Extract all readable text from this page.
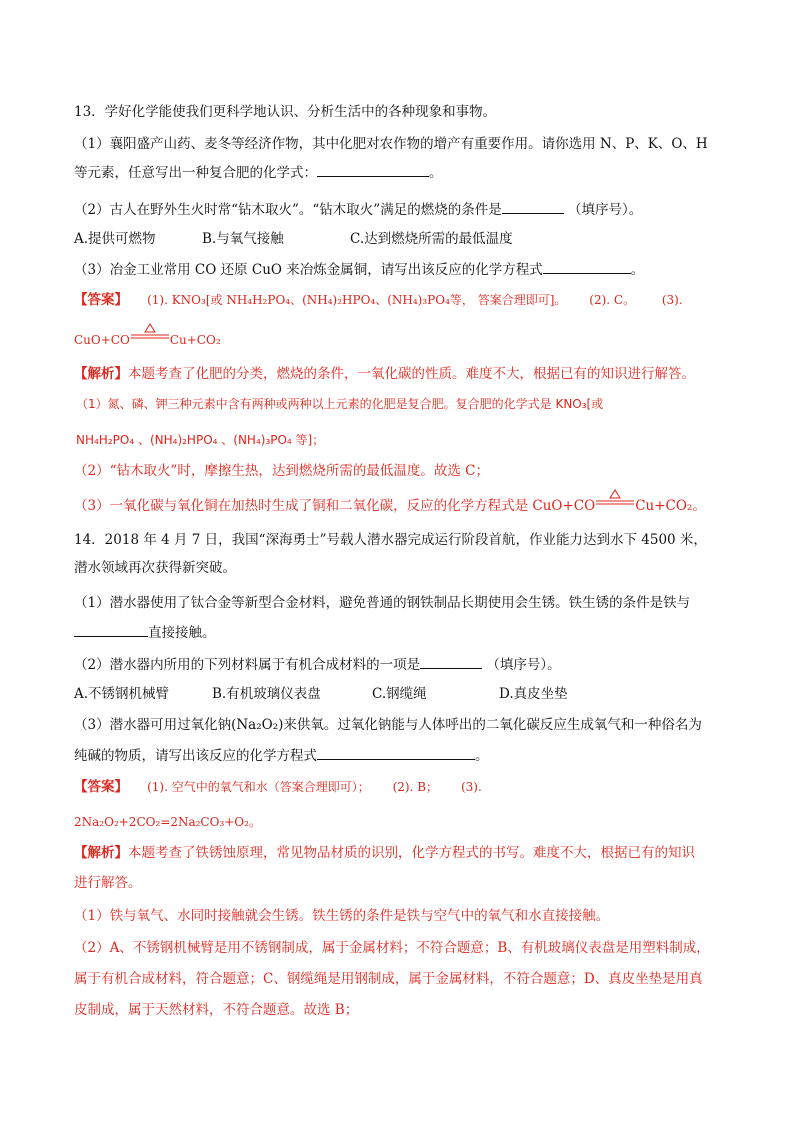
13．学好化学能使我们更科学地认识、分析生活中的各种现象和事物。
（1）襄阳盛产山药、麦冬等经济作物，其中化肥对农作物的增产有重要作用。请你选用 N、P、K、O、H
等元素，任意写出一种复合肥的化学式：	。
（2）古人在野外生火时常“钻木取火”。“钻木取火”满足的燃烧的条件是	（填序号）。
A.提供可燃物	B.与氧气接触	C.达到燃烧所需的最低温度
（3）冶金工业常用 CO 还原 CuO 来冶炼金属铜，请写出该反应的化学方程式	。
【答案】 (1). KNO₃[或 NH₄H₂PO₄、(NH₄)₂HPO₄、(NH₄)₃PO₄等， 答案合理即可]。 (2). C。 (3).
CuO+CO	Cu+CO₂
【解析】本题考查了化肥的分类，燃烧的条件，一氧化碳的性质。难度不大，根据已有的知识进行解答。
（1）氮、磷、钾三种元素中含有两种或两种以上元素的化肥是复合肥。复合肥的化学式是 KNO₃[或
NH₄H₂PO₄ 、(NH₄)₂HPO₄ 、(NH₄)₃PO₄ 等]；
（2）“钻木取火”时，摩擦生热，达到燃烧所需的最低温度。故选 C；
（3）一氧化碳与氧化铜在加热时生成了铜和二氧化碳，反应的化学方程式是 CuO+CO	Cu+CO₂。
14．2018 年 4 月 7 日，我国“深海勇士”号载人潜水器完成运行阶段首航，作业能力达到水下 4500 米，
潜水领域再次获得新突破。
（1）潜水器使用了钛合金等新型合金材料，避免普通的钢铁制品长期使用会生锈。铁生锈的条件是铁与
直接接触。
（2）潜水器内所用的下列材料属于有机合成材料的一项是	（填序号）。
A.不锈钢机械臂	B.有机玻璃仪表盘	C.钢缆绳	D.真皮坐垫
（3）潜水器可用过氧化钠(Na₂O₂)来供氧。过氧化钠能与人体呼出的二氧化碳反应生成氧气和一种俗名为
纯碱的物质，请写出该反应的化学方程式	。
【答案】 (1). 空气中的氧气和水（答案合理即可）； (2). B； (3).
2Na₂O₂+2CO₂=2Na₂CO₃+O₂。
【解析】本题考查了铁锈蚀原理，常见物品材质的识别，化学方程式的书写。难度不大，根据已有的知识
进行解答。
（1）铁与氧气、水同时接触就会生锈。铁生锈的条件是铁与空气中的氧气和水直接接触。
（2）A、不锈钢机械臂是用不锈钢制成，属于金属材料；不符合题意；B、有机玻璃仪表盘是用塑料制成，
属于有机合成材料，符合题意；C、钢缆绳是用钢制成，属于金属材料，不符合题意；D、真皮坐垫是用真
皮制成，属于天然材料，不符合题意。故选 B；
